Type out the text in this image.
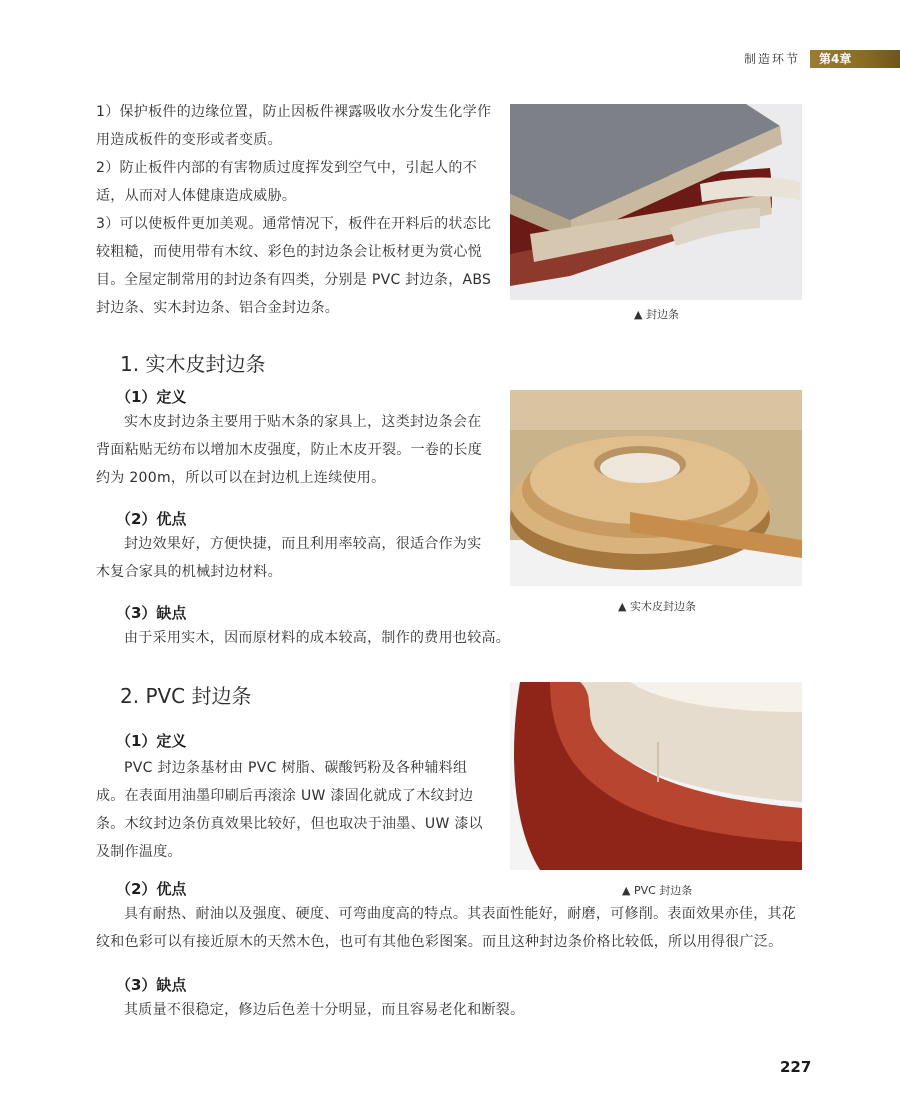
制造环节	第4章

1）保护板件的边缘位置，防止因板件裸露吸收水分发生化学作用造成板件的变形或者变质。

2）防止板件内部的有害物质过度挥发到空气中，引起人的不适，从而对人体健康造成威胁。

3）可以使板件更加美观。通常情况下，板件在开料后的状态比较粗糙，而使用带有木纹、彩色的封边条会让板材更为赏心悦目。 全屋定制常用的封边条有四类，分别是 PVC 封边条，ABS 封边条、实木封边条、铝合金封边条。	▲ 封边条
1. 实木皮封边条
（1）定义

实木皮封边条主要用于贴木条的家具上，这类封边条会在背面粘贴无纺布以增加木皮强度，防止木皮开裂。一卷的长度约为 200m，所以可以在封边机上连续使用。

（2）优点

封边效果好，方便快捷，而且利用率较高，很适合作为实木复合家具的机械封边材料。

（3）缺点

由于采用实木，因而原材料的成本较高，制作的费用也较高。

▲ 实木皮封边条
2. PVC 封边条
（1）定义

PVC 封边条基材由 PVC 树脂、碳酸钙粉及各种辅料组成。在表面用油墨印刷后再滚涂 UW 漆固化就成了木纹封边条。木纹封边条仿真效果比较好，但也取决于油墨、UW 漆以及制作温度。

（2）优点

具有耐热、耐油以及强度、硬度、可弯曲度高的特点。其表面性能好，耐磨，可修削。表面效果亦佳，其花纹和色彩可以有接近原木的天然木色，也可有其他色彩图案。而且这种封边条价格比较低，所以用得很广泛。

（3）缺点

其质量不很稳定，修边后色差十分明显，而且容易老化和断裂。

▲ PVC 封边条
227
